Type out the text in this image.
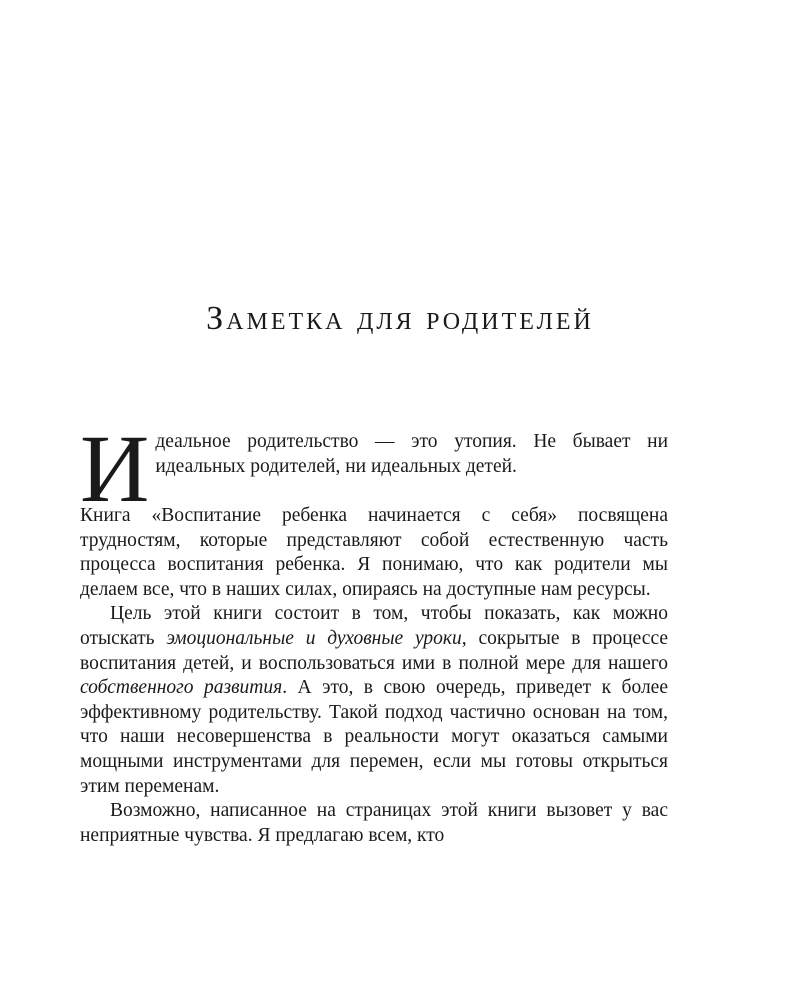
Заметка для родителей

Идеальное родительство — это утопия. Не бывает ни идеальных родителей, ни идеальных детей.

Книга «Воспитание ребенка начинается с себя» посвящена трудностям, которые представляют собой естественную часть процесса воспитания ребенка. Я понимаю, что как родители мы делаем все, что в наших силах, опираясь на доступные нам ресурсы.

Цель этой книги состоит в том, чтобы показать, как можно отыскать эмоциональные и духовные уроки, сокрытые в процессе воспитания детей, и воспользоваться ими в полной мере для нашего собственного развития. А это, в свою очередь, приведет к более эффективному родительству. Такой подход частично основан на том, что наши несовершенства в реальности могут оказаться самыми мощными инструментами для перемен, если мы готовы открыться этим переменам.

Возможно, написанное на страницах этой книги вызовет у вас неприятные чувства. Я предлагаю всем, кто
